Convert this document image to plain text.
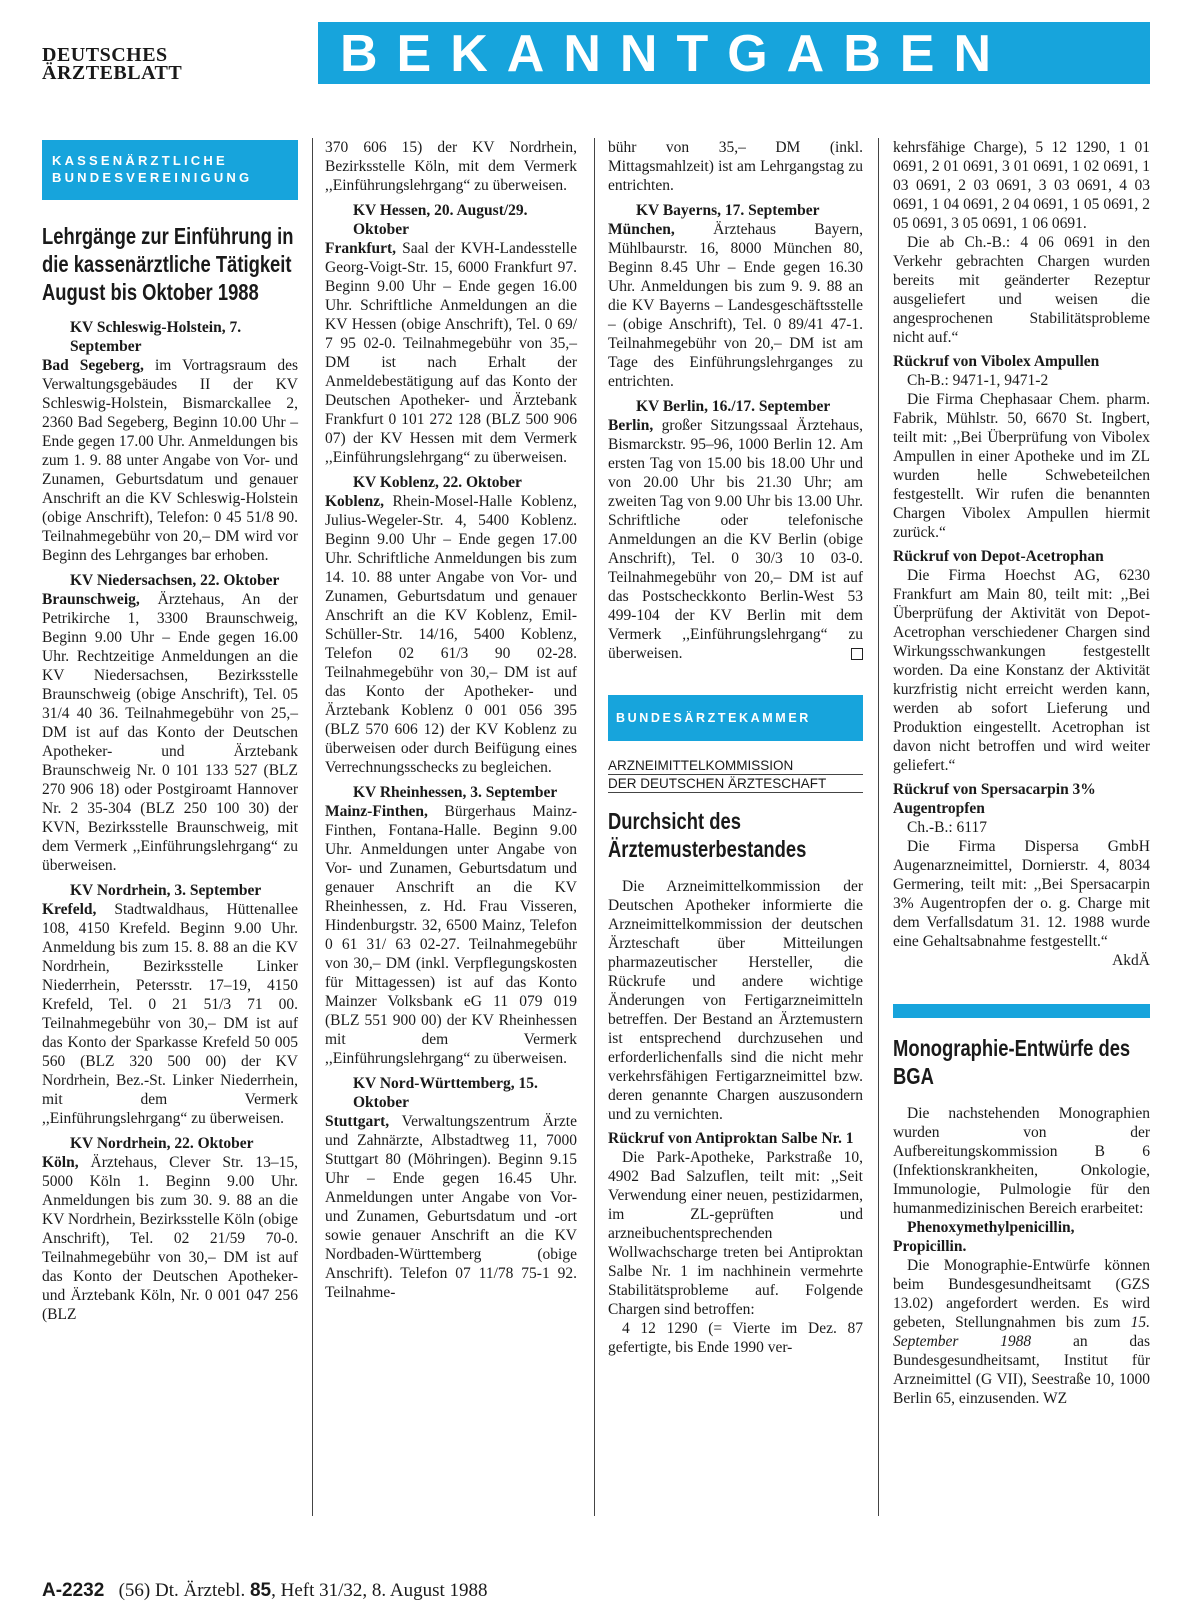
DEUTSCHES
ÄRZTEBLATT	BEKANNTGABEN
KASSENÄRZTLICHE
BUNDESVEREINIGUNG
Lehrgänge zur Einführung in die kassenärztliche Tätigkeit August bis Oktober 1988
KV Schleswig-Holstein, 7. September

Bad Segeberg, im Vortragsraum des Verwaltungsgebäudes II der KV Schleswig-Holstein, Bismarckallee 2, 2360 Bad Segeberg, Beginn 10.00 Uhr – Ende gegen 17.00 Uhr. Anmeldungen bis zum 1. 9. 88 unter Angabe von Vor- und Zunamen, Geburtsdatum und genauer Anschrift an die KV Schleswig-Holstein (obige Anschrift), Telefon: 0 45 51/8 90. Teilnahmegebühr von 20,– DM wird vor Beginn des Lehrganges bar erhoben.

KV Niedersachsen, 22. Oktober

Braunschweig, Ärztehaus, An der Petrikirche 1, 3300 Braunschweig, Beginn 9.00 Uhr – Ende gegen 16.00 Uhr. Rechtzeitige Anmeldungen an die KV Niedersachsen, Bezirksstelle Braunschweig (obige Anschrift), Tel. 05 31/4 40 36. Teilnahmegebühr von 25,– DM ist auf das Konto der Deutschen Apotheker- und Ärztebank Braunschweig Nr. 0 101 133 527 (BLZ 270 906 18) oder Postgiroamt Hannover Nr. 2 35-304 (BLZ 250 100 30) der KVN, Bezirksstelle Braunschweig, mit dem Vermerk ,,Einführungslehrgang“ zu überweisen.

KV Nordrhein, 3. September

Krefeld, Stadtwaldhaus, Hüttenallee 108, 4150 Krefeld. Beginn 9.00 Uhr. Anmeldung bis zum 15. 8. 88 an die KV Nordrhein, Bezirksstelle Linker Niederrhein, Petersstr. 17–19, 4150 Krefeld, Tel. 0 21 51/3 71 00. Teilnahmegebühr von 30,– DM ist auf das Konto der Sparkasse Krefeld 50 005 560 (BLZ 320 500 00) der KV Nordrhein, Bez.-St. Linker Niederrhein, mit dem Vermerk ,,Einführungslehrgang“ zu überweisen.

KV Nordrhein, 22. Oktober

Köln, Ärztehaus, Clever Str. 13–15, 5000 Köln 1. Beginn 9.00 Uhr. Anmeldungen bis zum 30. 9. 88 an die KV Nordrhein, Bezirksstelle Köln (obige Anschrift), Tel. 02 21/59 70-0. Teilnahmegebühr von 30,– DM ist auf das Konto der Deutschen Apotheker- und Ärztebank Köln, Nr. 0 001 047 256 (BLZ

370 606 15) der KV Nordrhein, Bezirksstelle Köln, mit dem Vermerk ,,Einführungslehrgang“ zu überweisen.

KV Hessen, 20. August/29. Oktober

Frankfurt, Saal der KVH-Landesstelle Georg-Voigt-Str. 15, 6000 Frankfurt 97. Beginn 9.00 Uhr – Ende gegen 16.00 Uhr. Schriftliche Anmeldungen an die KV Hessen (obige Anschrift), Tel. 0 69/ 7 95 02-0. Teilnahmegebühr von 35,– DM ist nach Erhalt der Anmeldebestätigung auf das Konto der Deutschen Apotheker- und Ärztebank Frankfurt 0 101 272 128 (BLZ 500 906 07) der KV Hessen mit dem Vermerk ,,Einführungslehrgang“ zu überweisen.

KV Koblenz, 22. Oktober

Koblenz, Rhein-Mosel-Halle Koblenz, Julius-Wegeler-Str. 4, 5400 Koblenz. Beginn 9.00 Uhr – Ende gegen 17.00 Uhr. Schriftliche Anmeldungen bis zum 14. 10. 88 unter Angabe von Vor- und Zunamen, Geburtsdatum und genauer Anschrift an die KV Koblenz, Emil-Schüller-Str. 14/16, 5400 Koblenz, Telefon 02 61/3 90 02-28. Teilnahmegebühr von 30,– DM ist auf das Konto der Apotheker- und Ärztebank Koblenz 0 001 056 395 (BLZ 570 606 12) der KV Koblenz zu überweisen oder durch Beifügung eines Verrechnungsschecks zu begleichen.

KV Rheinhessen, 3. September

Mainz-Finthen, Bürgerhaus Mainz-Finthen, Fontana-Halle. Beginn 9.00 Uhr. Anmeldungen unter Angabe von Vor- und Zunamen, Geburtsdatum und genauer Anschrift an die KV Rheinhessen, z. Hd. Frau Visseren, Hindenburgstr. 32, 6500 Mainz, Telefon 0 61 31/ 63 02-27. Teilnahmegebühr von 30,– DM (inkl. Verpflegungskosten für Mittagessen) ist auf das Konto Mainzer Volksbank eG 11 079 019 (BLZ 551 900 00) der KV Rheinhessen mit dem Vermerk ,,Einführungslehrgang“ zu überweisen.

KV Nord-Württemberg, 15. Oktober

Stuttgart, Verwaltungszentrum Ärzte und Zahnärzte, Albstadtweg 11, 7000 Stuttgart 80 (Möhringen). Beginn 9.15 Uhr – Ende gegen 16.45 Uhr. Anmeldungen unter Angabe von Vor- und Zunamen, Geburtsdatum und -ort sowie genauer Anschrift an die KV Nordbaden-Württemberg (obige Anschrift). Telefon 07 11/78 75-1 92. Teilnahme-

bühr von 35,– DM (inkl. Mittagsmahlzeit) ist am Lehrgangstag zu entrichten.

KV Bayerns, 17. September

München, Ärztehaus Bayern, Mühlbaurstr. 16, 8000 München 80, Beginn 8.45 Uhr – Ende gegen 16.30 Uhr. Anmeldungen bis zum 9. 9. 88 an die KV Bayerns – Landesgeschäftsstelle – (obige Anschrift), Tel. 0 89/41 47-1. Teilnahmegebühr von 20,– DM ist am Tage des Einführungslehrganges zu entrichten.

KV Berlin, 16./17. September

Berlin, großer Sitzungssaal Ärztehaus, Bismarckstr. 95–96, 1000 Berlin 12. Am ersten Tag von 15.00 bis 18.00 Uhr und von 20.00 Uhr bis 21.30 Uhr; am zweiten Tag von 9.00 Uhr bis 13.00 Uhr. Schriftliche oder telefonische Anmeldungen an die KV Berlin (obige Anschrift), Tel. 0 30/3 10 03-0. Teilnahmegebühr von 20,– DM ist auf das Postscheckkonto Berlin-West 53 499-104 der KV Berlin mit dem Vermerk ,,Einführungslehrgang“ zu überweisen.

BUNDESÄRZTEKAMMER
ARZNEIMITTELKOMMISSION
DER DEUTSCHEN ÄRZTESCHAFT
Durchsicht des Ärztemusterbestandes

Die Arzneimittelkommission der Deutschen Apotheker informierte die Arzneimittelkommission der deutschen Ärzteschaft über Mitteilungen pharmazeutischer Hersteller, die Rückrufe und andere wichtige Änderungen von Fertigarzneimitteln betreffen. Der Bestand an Ärztemustern ist entsprechend durchzusehen und erforderlichenfalls sind die nicht mehr verkehrsfähigen Fertigarzneimittel bzw. deren genannte Chargen auszusondern und zu vernichten.

Rückruf von Antiproktan Salbe Nr. 1

Die Park-Apotheke, Parkstraße 10, 4902 Bad Salzuflen, teilt mit: ,,Seit Verwendung einer neuen, pestizidarmen, im ZL-geprüften und arzneibuchentsprechenden Wollwachscharge treten bei Antiproktan Salbe Nr. 1 im nachhinein vermehrte Stabilitätsprobleme auf. Folgende Chargen sind betroffen:

4 12 1290 (= Vierte im Dez. 87 gefertigte, bis Ende 1990 ver-

kehrsfähige Charge), 5 12 1290, 1 01 0691, 2 01 0691, 3 01 0691, 1 02 0691, 1 03 0691, 2 03 0691, 3 03 0691, 4 03 0691, 1 04 0691, 2 04 0691, 1 05 0691, 2 05 0691, 3 05 0691, 1 06 0691.

Die ab Ch.-B.: 4 06 0691 in den Verkehr gebrachten Chargen wurden bereits mit geänderter Rezeptur ausgeliefert und weisen die angesprochenen Stabilitätsprobleme nicht auf.“

Rückruf von Vibolex Ampullen

Ch-B.: 9471-1, 9471-2

Die Firma Chephasaar Chem. pharm. Fabrik, Mühlstr. 50, 6670 St. Ingbert, teilt mit: ,,Bei Überprüfung von Vibolex Ampullen in einer Apotheke und im ZL wurden helle Schwebeteilchen festgestellt. Wir rufen die benannten Chargen Vibolex Ampullen hiermit zurück.“

Rückruf von Depot-Acetrophan

Die Firma Hoechst AG, 6230 Frankfurt am Main 80, teilt mit: ,,Bei Überprüfung der Aktivität von Depot-Acetrophan verschiedener Chargen sind Wirkungsschwankungen festgestellt worden. Da eine Konstanz der Aktivität kurzfristig nicht erreicht werden kann, werden ab sofort Lieferung und Produktion eingestellt. Acetrophan ist davon nicht betroffen und wird weiter geliefert.“

Rückruf von Spersacarpin 3% Augentropfen

Ch.-B.: 6117

Die Firma Dispersa GmbH Augenarzneimittel, Dornierstr. 4, 8034 Germering, teilt mit: ,,Bei Spersacarpin 3% Augentropfen der o. g. Charge mit dem Verfallsdatum 31. 12. 1988 wurde eine Gehaltsabnahme festgestellt.“

AkdÄ
Monographie-Entwürfe des BGA

Die nachstehenden Monographien wurden von der Aufbereitungskommission B 6 (Infektionskrankheiten, Onkologie, Immunologie, Pulmologie für den humanmedizinischen Bereich erarbeitet:

Phenoxymethylpenicillin, Propicillin.

Die Monographie-Entwürfe können beim Bundesgesundheitsamt (GZS 13.02) angefordert werden. Es wird gebeten, Stellungnahmen bis zum 15. September 1988 an das Bundesgesundheitsamt, Institut für Arzneimittel (G VII), Seestraße 10, 1000 Berlin 65, einzusenden. WZ

A-2232 (56) Dt. Ärztebl. 85, Heft 31/32, 8. August 1988
